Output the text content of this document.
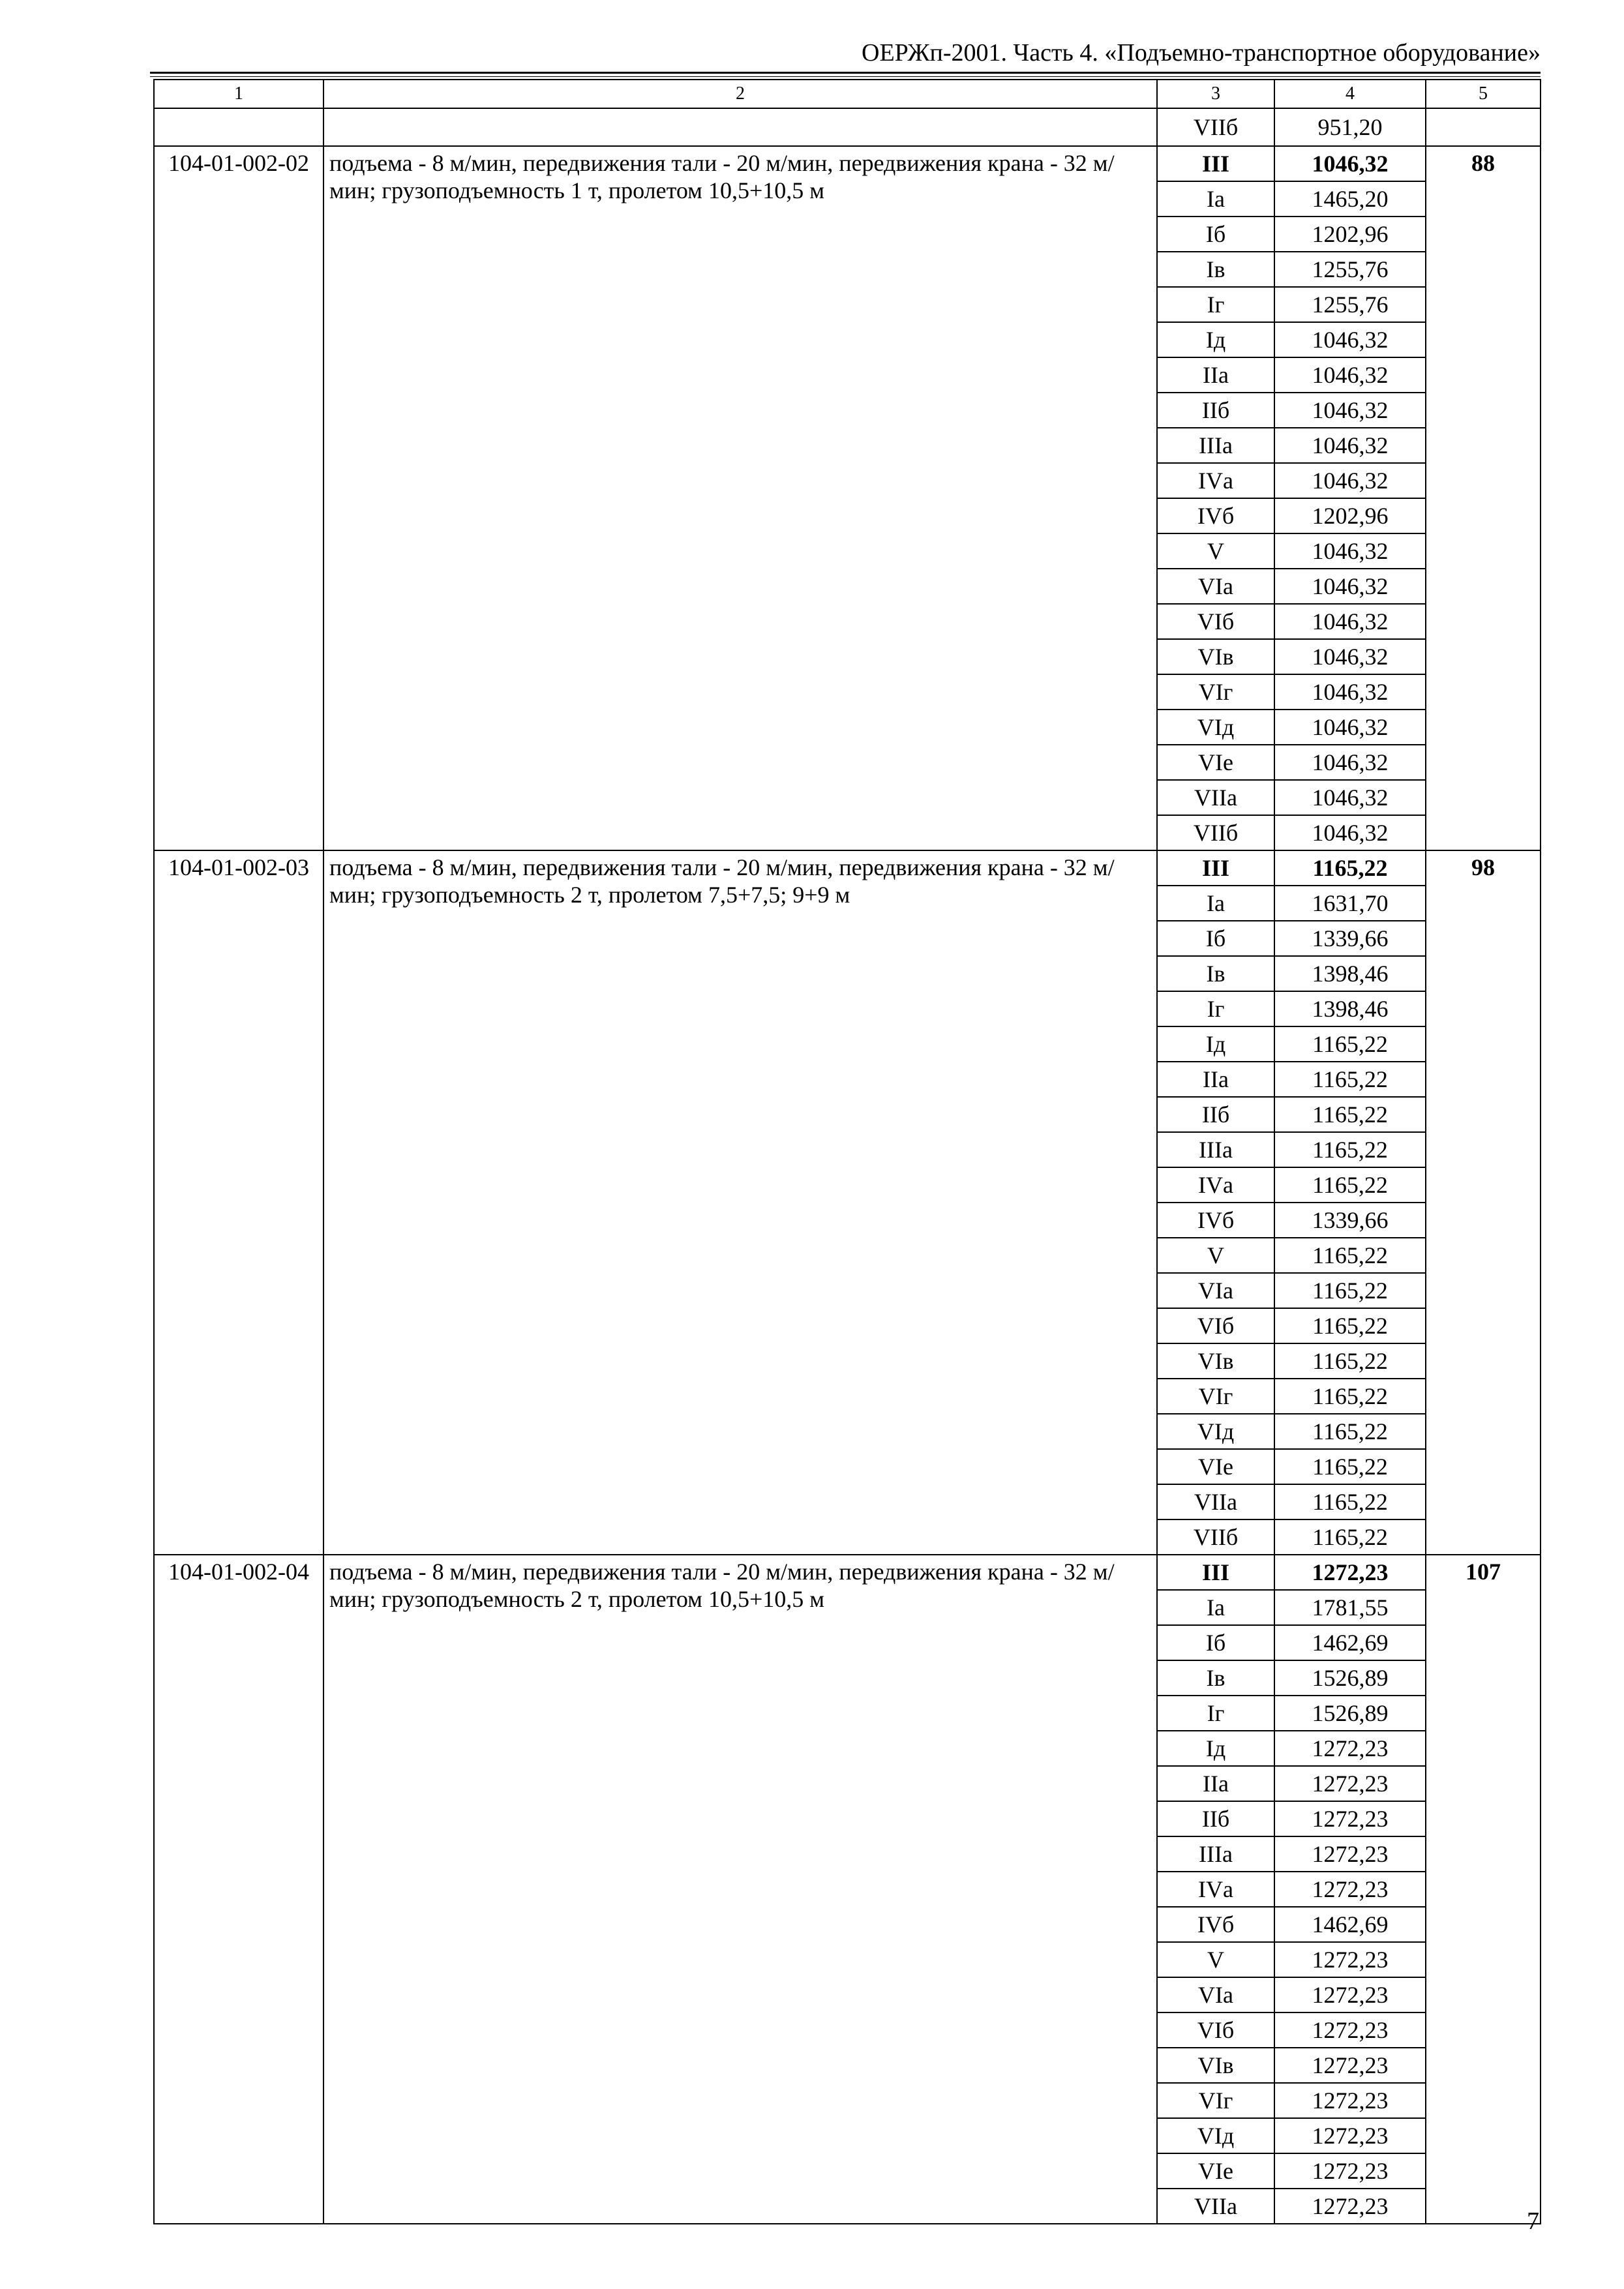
ОЕРЖп-2001. Часть 4. «Подъемно-транспортное оборудование»
1	2	3	4	5
		VIIб	951,20	
104-01-002-02	подъема - 8 м/мин, передвижения тали - 20 м/мин, передвижения крана - 32 м/мин; грузоподъемность 1 т, пролетом 10,5+10,5 м	III	1046,32	88
		Iа	1465,20	
		Iб	1202,96	
		Iв	1255,76	
		Iг	1255,76	
		Iд	1046,32	
		IIа	1046,32	
		IIб	1046,32	
		IIIа	1046,32	
		IVа	1046,32	
		IVб	1202,96	
		V	1046,32	
		VIа	1046,32	
		VIб	1046,32	
		VIв	1046,32	
		VIг	1046,32	
		VIд	1046,32	
		VIе	1046,32	
		VIIа	1046,32	
		VIIб	1046,32	
104-01-002-03	подъема - 8 м/мин, передвижения тали - 20 м/мин, передвижения крана - 32 м/мин; грузоподъемность 2 т, пролетом 7,5+7,5; 9+9 м	III	1165,22	98
		Iа	1631,70	
		Iб	1339,66	
		Iв	1398,46	
		Iг	1398,46	
		Iд	1165,22	
		IIа	1165,22	
		IIб	1165,22	
		IIIа	1165,22	
		IVа	1165,22	
		IVб	1339,66	
		V	1165,22	
		VIа	1165,22	
		VIб	1165,22	
		VIв	1165,22	
		VIг	1165,22	
		VIд	1165,22	
		VIе	1165,22	
		VIIа	1165,22	
		VIIб	1165,22	
104-01-002-04	подъема - 8 м/мин, передвижения тали - 20 м/мин, передвижения крана - 32 м/мин; грузоподъемность 2 т, пролетом 10,5+10,5 м	III	1272,23	107
		Iа	1781,55	
		Iб	1462,69	
		Iв	1526,89	
		Iг	1526,89	
		Iд	1272,23	
		IIа	1272,23	
		IIб	1272,23	
		IIIа	1272,23	
		IVа	1272,23	
		IVб	1462,69	
		V	1272,23	
		VIа	1272,23	
		VIб	1272,23	
		VIв	1272,23	
		VIг	1272,23	
		VIд	1272,23	
		VIе	1272,23	
		VIIа	1272,23	
7
